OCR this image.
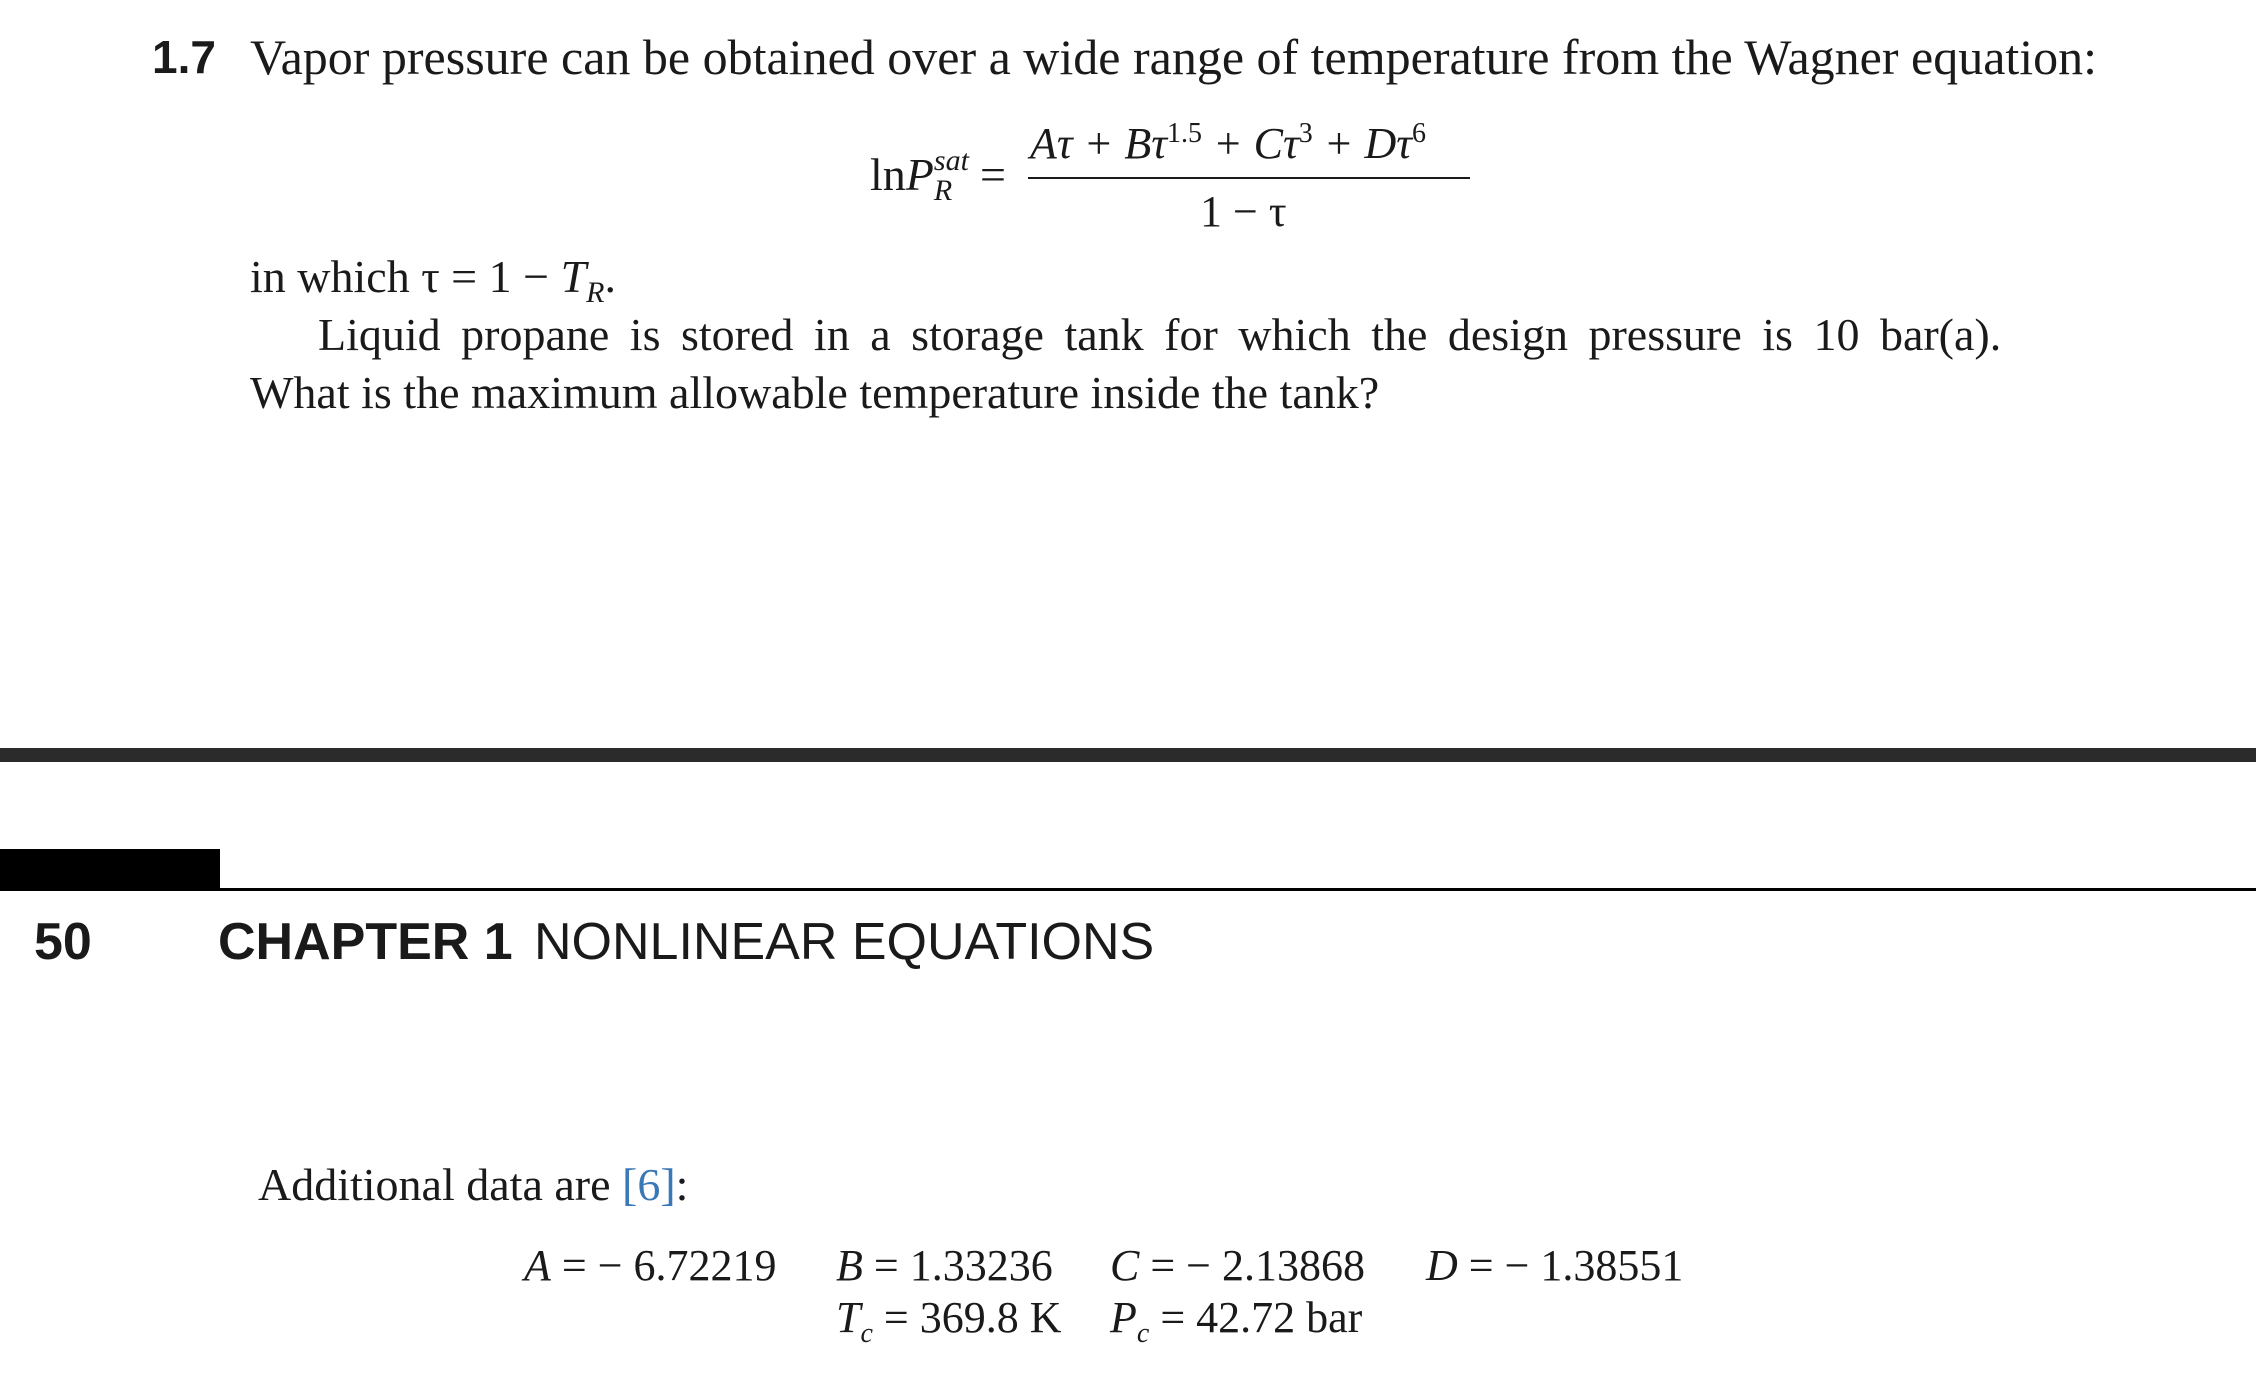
1.7 Vapor pressure can be obtained over a wide range of temperature from the Wagner equation:
lnP sat
R =
$A\tau + B\tau^{1.5} + C\tau^3 + D\tau^6$
1 − τ
in which $\tau = 1 - T_R$.
Liquid propane is stored in a storage tank for which the design pressure is 10 bar(a).
What is the maximum allowable temperature inside the tank?
50 CHAPTER 1 NONLINEAR EQUATIONS
Additional data are [6]:
A = − 6.72219 B = 1.33236 C = − 2.13868 D = − 1.38551
$T_c = 369.8$ K $P_c = 42.72$ bar
